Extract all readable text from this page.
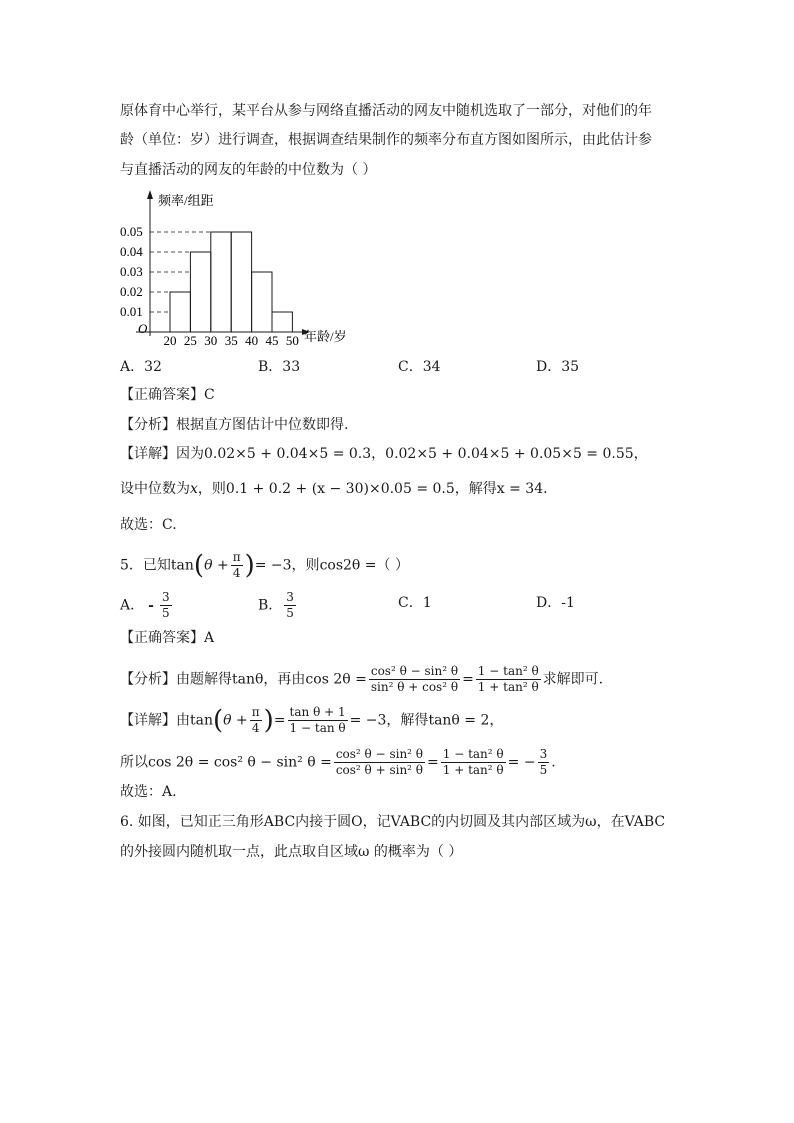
原体育中心举行，某平台从参与网络直播活动的网友中随机选取了一部分，对他们的年
龄（单位：岁）进行调查，根据调查结果制作的频率分布直方图如图所示，由此估计参
与直播活动的网友的年龄的中位数为（ ）
0.01
0.02
0.03
0.04
0.05
20 25 30 35 40 45 50
频率/组距
年龄/岁
O
A．32	B．33	C．34	D．35
【正确答案】C
【分析】根据直方图估计中位数即得.
【详解】因为0.02×5 + 0.04×5 = 0.3，0.02×5 + 0.04×5 + 0.05×5 = 0.55，
设中位数为x，则0.1 + 0.2 + (x − 30)×0.05 = 0.5，解得x = 34.
故选：C.
5．已知$\tan(\theta + \frac{\pi}{4}$ )= −3，则cos2θ =（ ）
A． - $\frac{3}{5}$	B． $\frac{3}{5}$	C．1	D．-1
【正确答案】A
【分析】由题解得tanθ，再由$\cos 2\theta = \frac{\text{cos² θ − sin² θ}}{\text{sin² θ + cos² θ}} = \frac{\text{1 − tan² θ}}{\text{1 + tan² θ}}$ 求解即可.
【详解】由$\tan(\theta + \frac{\pi}{4}$ )= $\frac{\text{tan θ + 1}}{\text{1 − tan θ}} = -3$，解得tanθ = 2，
所以cos 2θ = cos² θ − sin² $\theta = \frac{\text{cos² θ − sin² θ}}{\text{cos² θ + sin² θ}} = \frac{\text{1 − tan² θ}}{\text{1 + tan² θ}}$ = − $\frac{3}{5}$ .
故选：A.
6. 如图，已知正三角形ABC内接于圆O，记VABC的内切圆及其内部区域为ω，在VABC
的外接圆内随机取一点，此点取自区域ω 的概率为（ ）
